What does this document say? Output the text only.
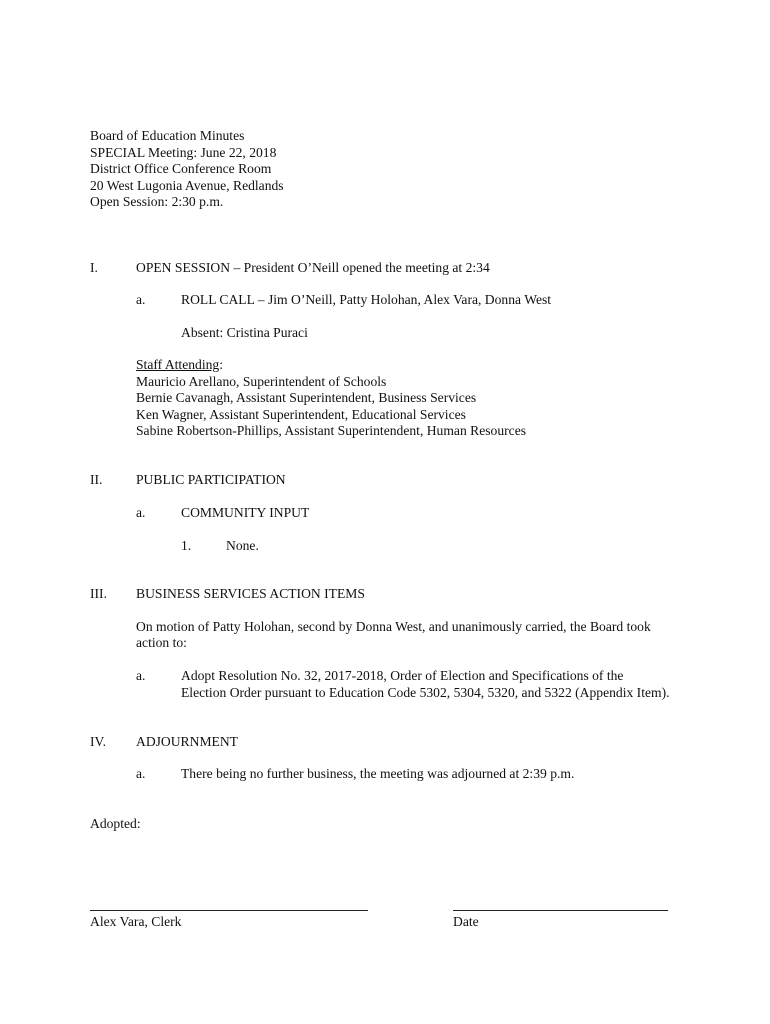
Board of Education Minutes
SPECIAL Meeting: June 22, 2018
District Office Conference Room
20 West Lugonia Avenue, Redlands
Open Session: 2:30 p.m.
I.	OPEN SESSION – President O’Neill opened the meeting at 2:34
a.	ROLL CALL – Jim O’Neill, Patty Holohan, Alex Vara, Donna West
Absent: Cristina Puraci
Staff Attending:
Mauricio Arellano, Superintendent of Schools
Bernie Cavanagh, Assistant Superintendent, Business Services
Ken Wagner, Assistant Superintendent, Educational Services
Sabine Robertson-Phillips, Assistant Superintendent, Human Resources
II. PUBLIC PARTICIPATION
a.	COMMUNITY INPUT
1.	None.
III. BUSINESS SERVICES ACTION ITEMS
On motion of Patty Holohan, second by Donna West, and unanimously carried, the Board took
action to:
a.	Adopt Resolution No. 32, 2017-2018, Order of Election and Specifications of the
Election Order pursuant to Education Code 5302, 5304, 5320, and 5322 (Appendix Item).
IV. ADJOURNMENT
a.	There being no further business, the meeting was adjourned at 2:39 p.m.
Adopted:
Alex Vara, Clerk	Date
